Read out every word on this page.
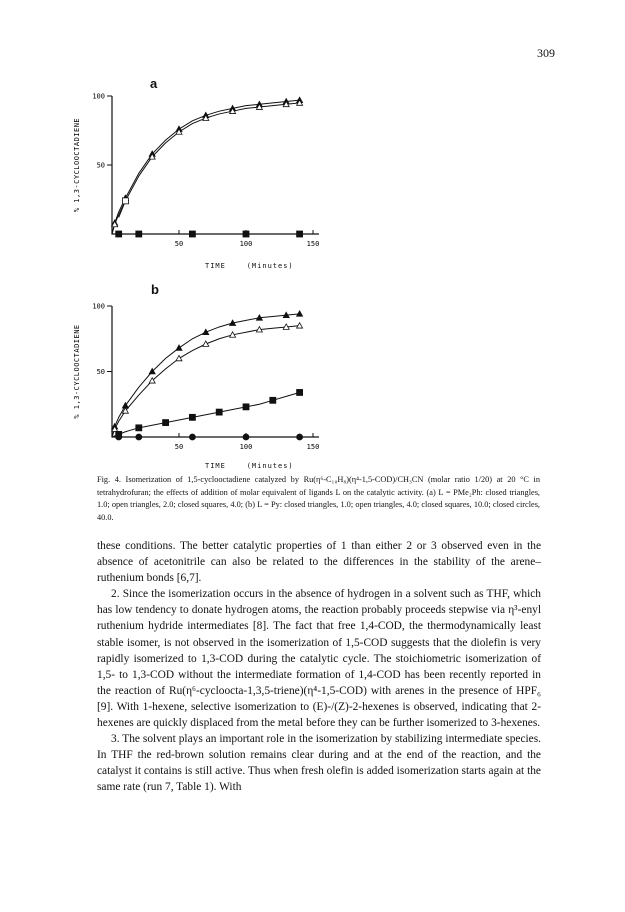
309
a
b
50
100
50	100	150
% 1,3-CYCLOOCTADIENE
50
100
50	100	150
% 1,3-CYCLOOCTADIENE
TIME	(Minutes)
TIME	(Minutes)
Fig. 4. Isomerization of 1,5-cyclooctadiene catalyzed by Ru(η⁶-C₁₀H₈)(η⁴-1,5-COD)/CH₃CN (molar ratio 1/20) at 20 °C in tetrahydrofuran; the effects of addition of molar equivalent of ligands L on the catalytic activity. (a) L = PMe₂Ph: closed triangles, 1.0; open triangles, 2.0; closed squares, 4.0; (b) L = Py: closed triangles, 1.0; open triangles, 4.0; closed squares, 10.0; closed circles, 40.0.

these conditions. The better catalytic properties of 1 than either 2 or 3 observed even in the absence of acetonitrile can also be related to the differences in the stability of the arene–ruthenium bonds [6,7].

2. Since the isomerization occurs in the absence of hydrogen in a solvent such as THF, which has low tendency to donate hydrogen atoms, the reaction probably proceeds stepwise via η³-enyl ruthenium hydride intermediates [8]. The fact that free 1,4-COD, the thermodynamically least stable isomer, is not observed in the isomerization of 1,5-COD suggests that the diolefin is very rapidly isomerized to 1,3-COD during the catalytic cycle. The stoichiometric isomerization of 1,5- to 1,3-COD without the intermediate formation of 1,4-COD has been recently reported in the reaction of Ru(η⁶-cycloocta-1,3,5-triene)(η⁴-1,5-COD) with arenes in the presence of HPF₆ [9]. With 1-hexene, selective isomerization to (E)-/(Z)-2-hexenes is observed, indicating that 2-hexenes are quickly displaced from the metal before they can be further isomerized to 3-hexenes.

3. The solvent plays an important role in the isomerization by stabilizing intermediate species. In THF the red-brown solution remains clear during and at the end of the reaction, and the catalyst it contains is still active. Thus when fresh olefin is added isomerization starts again at the same rate (run 7, Table 1). With
